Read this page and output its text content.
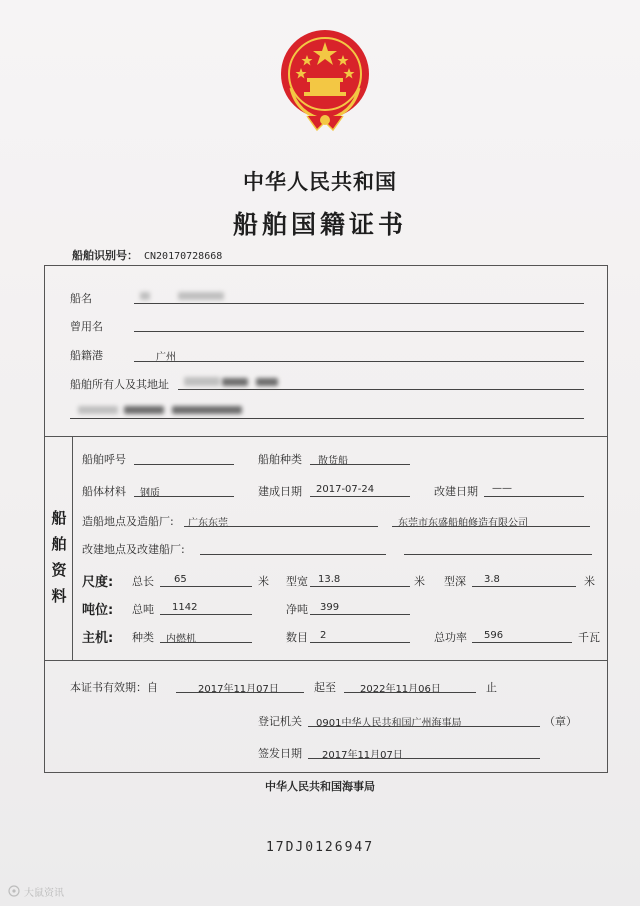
中华人民共和国
船舶国籍证书
船舶识别号： CN20170728668
船名
曾用名
船籍港	广州
船舶所有人及其地址
船
舶
资
料
船舶呼号	船舶种类 散货船
船体材料 钢质	建成日期 2017-07-24	改建日期 ——
造船地点及造船厂: 广东东莞	东莞市东盛船舶修造有限公司
改建地点及改建船厂:
尺度: 总长 65	米 型宽 13.8	米 型深 3.8	米
吨位: 总吨 1142	净吨 399
主机: 种类 内燃机	数目 2	总功率 596	千瓦
本证书有效期：自	2017年11月07日	起至 2022年11月06日	止
登记机关 0901中华人民共和国广州海事局	（章）
签发日期 2017年11月07日
中华人民共和国海事局
17DJ0126947
大鼠资讯
